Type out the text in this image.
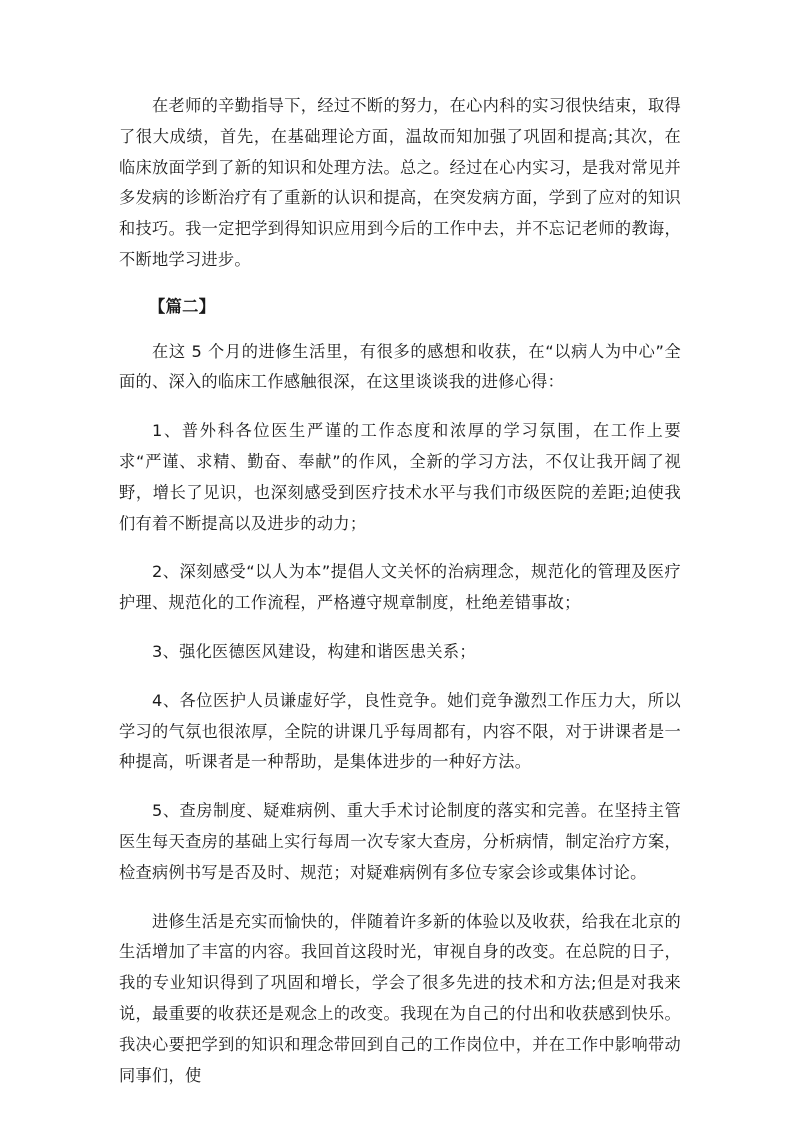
在老师的辛勤指导下，经过不断的努力，在心内科的实习很快结束，取得了很大成绩，首先，在基础理论方面，温故而知加强了巩固和提高;其次，在临床放面学到了新的知识和处理方法。总之。经过在心内实习，是我对常见并多发病的诊断治疗有了重新的认识和提高，在突发病方面，学到了应对的知识和技巧。我一定把学到得知识应用到今后的工作中去，并不忘记老师的教诲，不断地学习进步。

【篇二】

在这 5 个月的进修生活里，有很多的感想和收获，在“以病人为中心”全面的、深入的临床工作感触很深，在这里谈谈我的进修心得：

1、普外科各位医生严谨的工作态度和浓厚的学习氛围，在工作上要求“严谨、求精、勤奋、奉献”的作风，全新的学习方法，不仅让我开阔了视野，增长了见识，也深刻感受到医疗技术水平与我们市级医院的差距;迫使我们有着不断提高以及进步的动力；

2、深刻感受“以人为本”提倡人文关怀的治病理念，规范化的管理及医疗护理、规范化的工作流程，严格遵守规章制度，杜绝差错事故；

3、强化医德医风建设，构建和谐医患关系；

4、各位医护人员谦虚好学，良性竞争。她们竞争激烈工作压力大，所以学习的气氛也很浓厚，全院的讲课几乎每周都有，内容不限，对于讲课者是一种提高，听课者是一种帮助，是集体进步的一种好方法。

5、查房制度、疑难病例、重大手术讨论制度的落实和完善。在坚持主管医生每天查房的基础上实行每周一次专家大查房，分析病情，制定治疗方案，检查病例书写是否及时、规范；对疑难病例有多位专家会诊或集体讨论。

进修生活是充实而愉快的，伴随着许多新的体验以及收获，给我在北京的生活增加了丰富的内容。我回首这段时光，审视自身的改变。在总院的日子，我的专业知识得到了巩固和增长，学会了很多先进的技术和方法;但是对我来说，最重要的收获还是观念上的改变。我现在为自己的付出和收获感到快乐。我决心要把学到的知识和理念带回到自己的工作岗位中，并在工作中影响带动同事们，使
